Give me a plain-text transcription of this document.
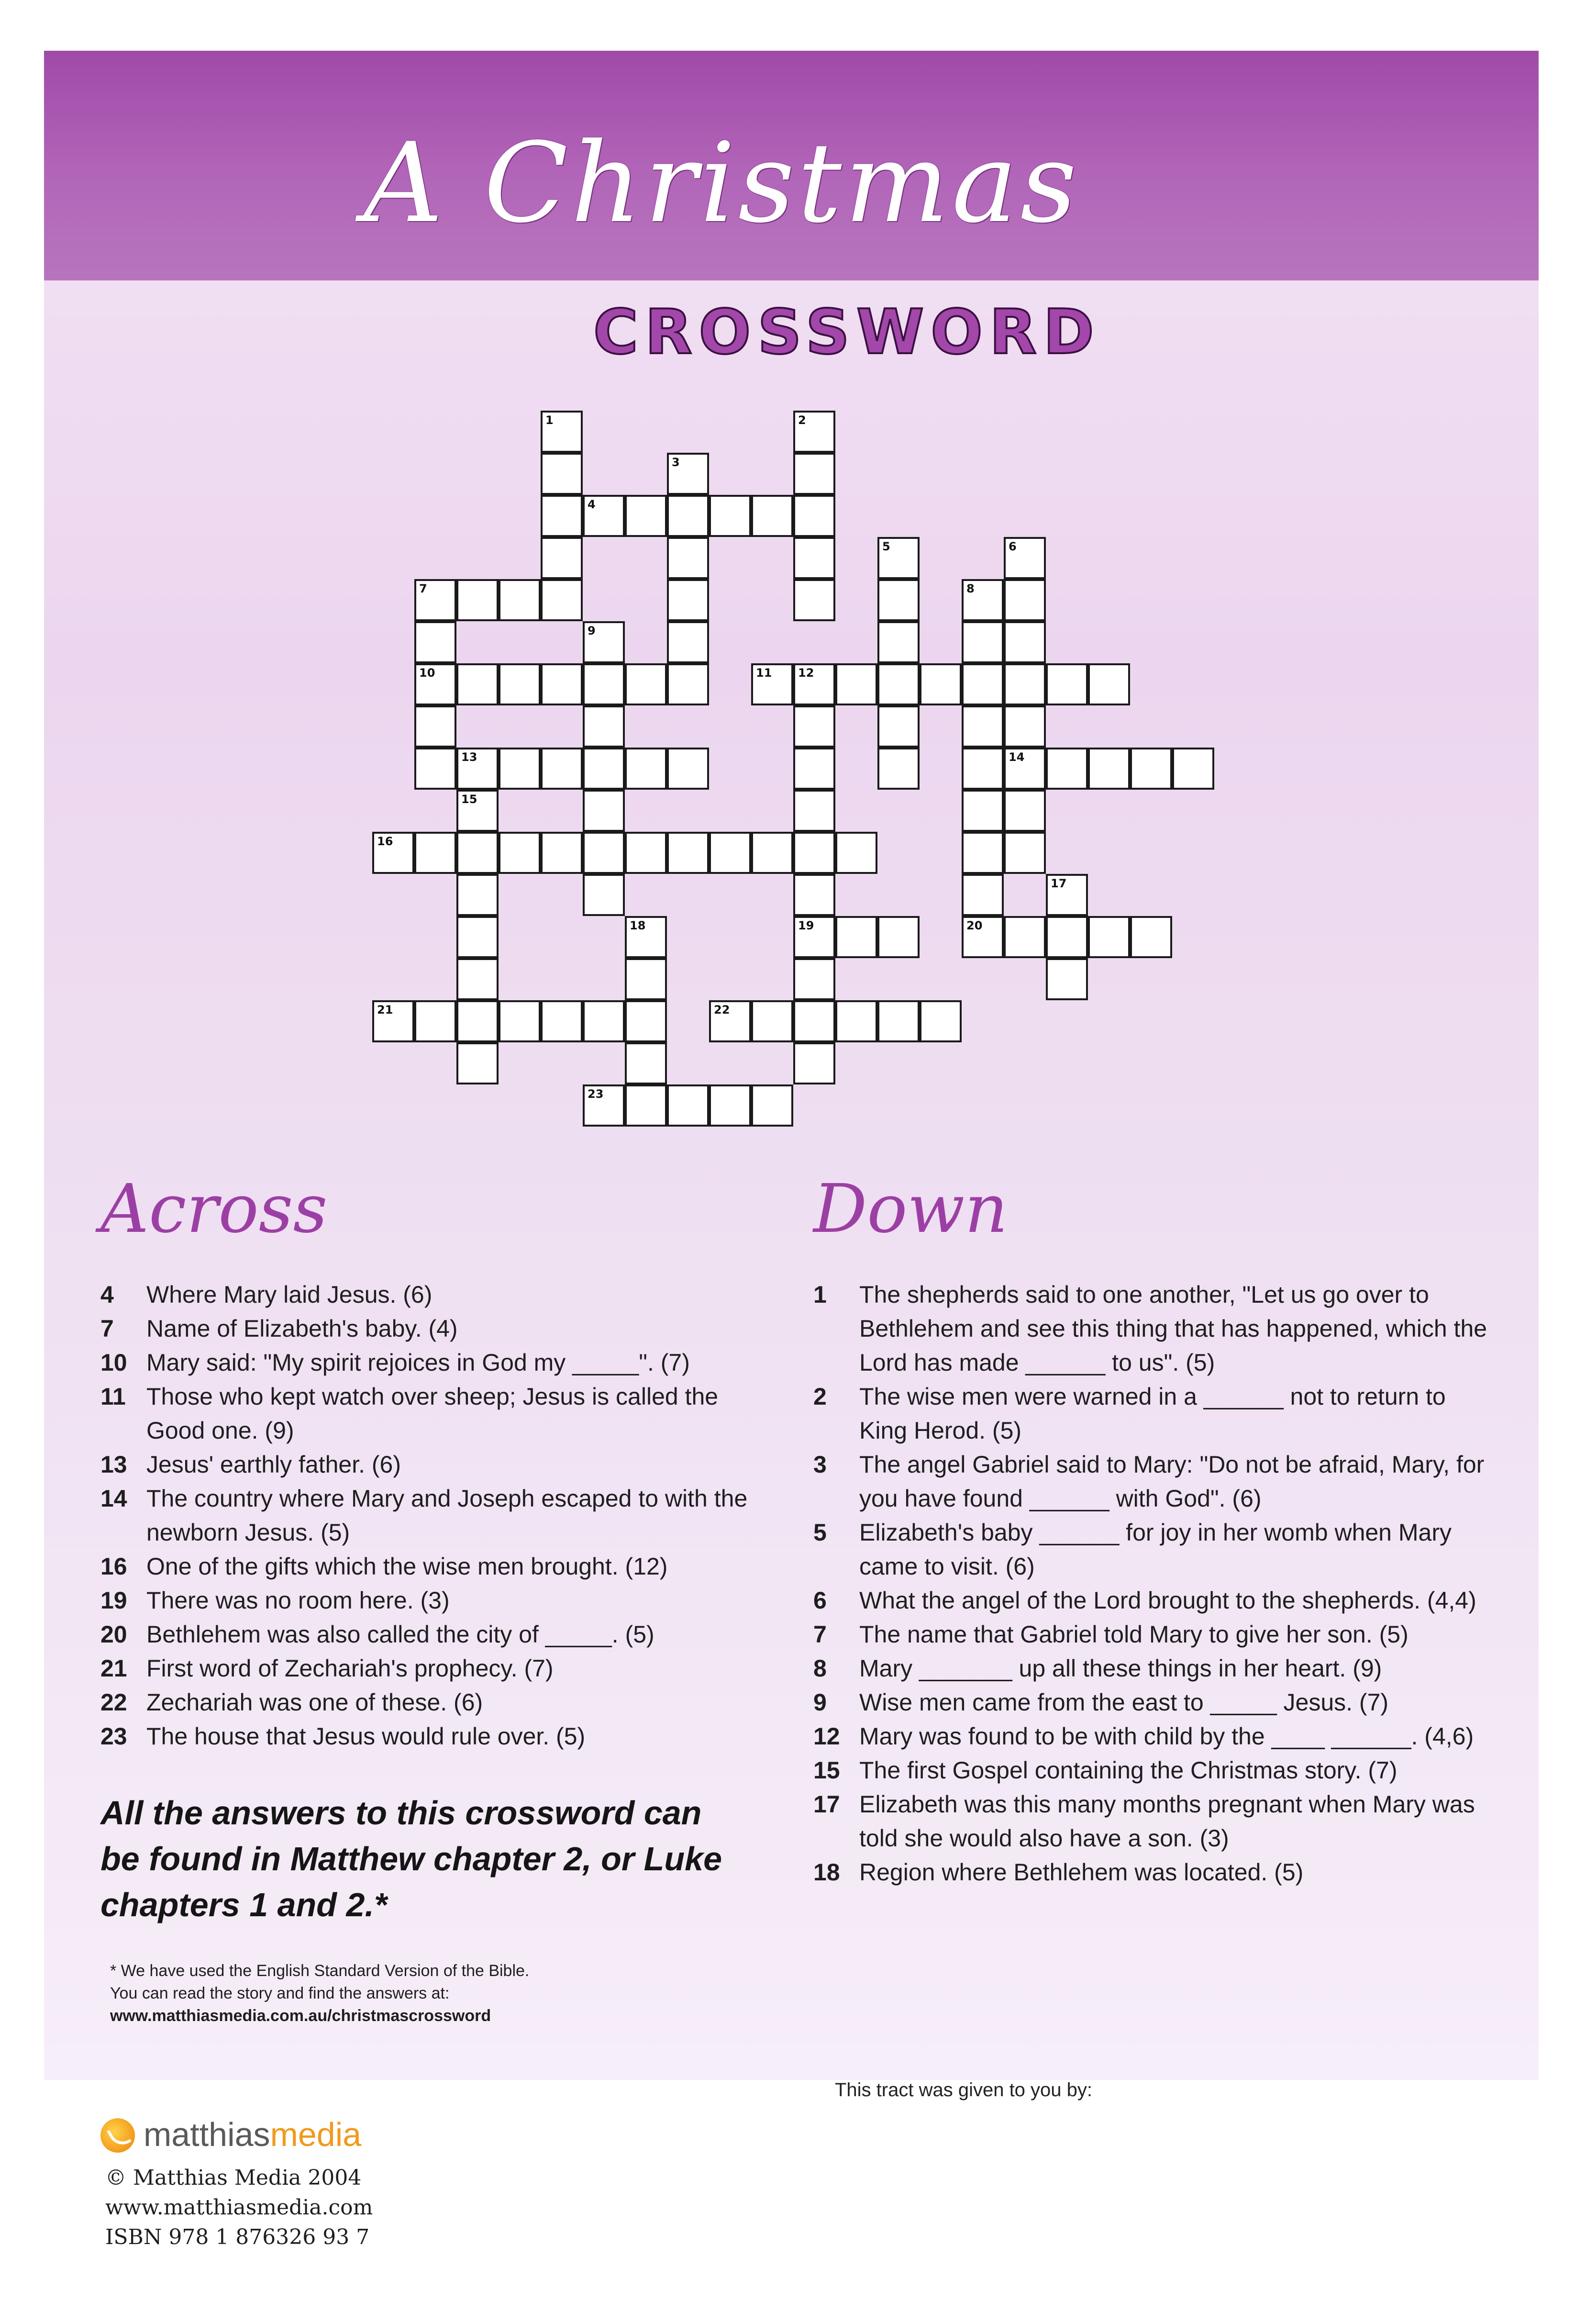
A Christmas
CROSSWORD
1	2
3
4
5	6
14
7
10
8
20
9
11 12
19
13
15
16
17
18
21	22
23
Across
4	Where Mary laid Jesus. (6)
7	Name of Elizabeth's baby. (4)
10 Mary said: "My spirit rejoices in God my _____". (7)
11 Those who kept watch over sheep; Jesus is called the Good one. (9)
13 Jesus' earthly father. (6)
14 The country where Mary and Joseph escaped to with the newborn Jesus. (5)
16 One of the gifts which the wise men brought. (12)
19 There was no room here. (3)
20 Bethlehem was also called the city of _____. (5)
21 First word of Zechariah's prophecy. (7)
22 Zechariah was one of these. (6)
23 The house that Jesus would rule over. (5)
Down
1	The shepherds said to one another, "Let us go over to Bethlehem and see this thing that has happened, which the Lord has made ______ to us". (5)
2	The wise men were warned in a ______ not to return to King Herod. (5)
3	The angel Gabriel said to Mary: "Do not be afraid, Mary, for you have found ______ with God". (6)
5	Elizabeth's baby ______ for joy in her womb when Mary came to visit. (6)
6	What the angel of the Lord brought to the shepherds. (4,4)
7	The name that Gabriel told Mary to give her son. (5)
8	Mary _______ up all these things in her heart. (9)
9	Wise men came from the east to _____ Jesus. (7)
12 Mary was found to be with child by the ____ ______. (4,6)
15 The first Gospel containing the Christmas story. (7)
17 Elizabeth was this many months pregnant when Mary was told she would also have a son. (3)
18 Region where Bethlehem was located. (5)
All the answers to this crossword can be found in Matthew chapter 2, or Luke chapters 1 and 2.*
* We have used the English Standard Version of the Bible.
You can read the story and find the answers at:
www.matthiasmedia.com.au/christmascrossword
This tract was given to you by:
matthiasmedia
© Matthias Media 2004
www.matthiasmedia.com
ISBN 978 1 876326 93 7
